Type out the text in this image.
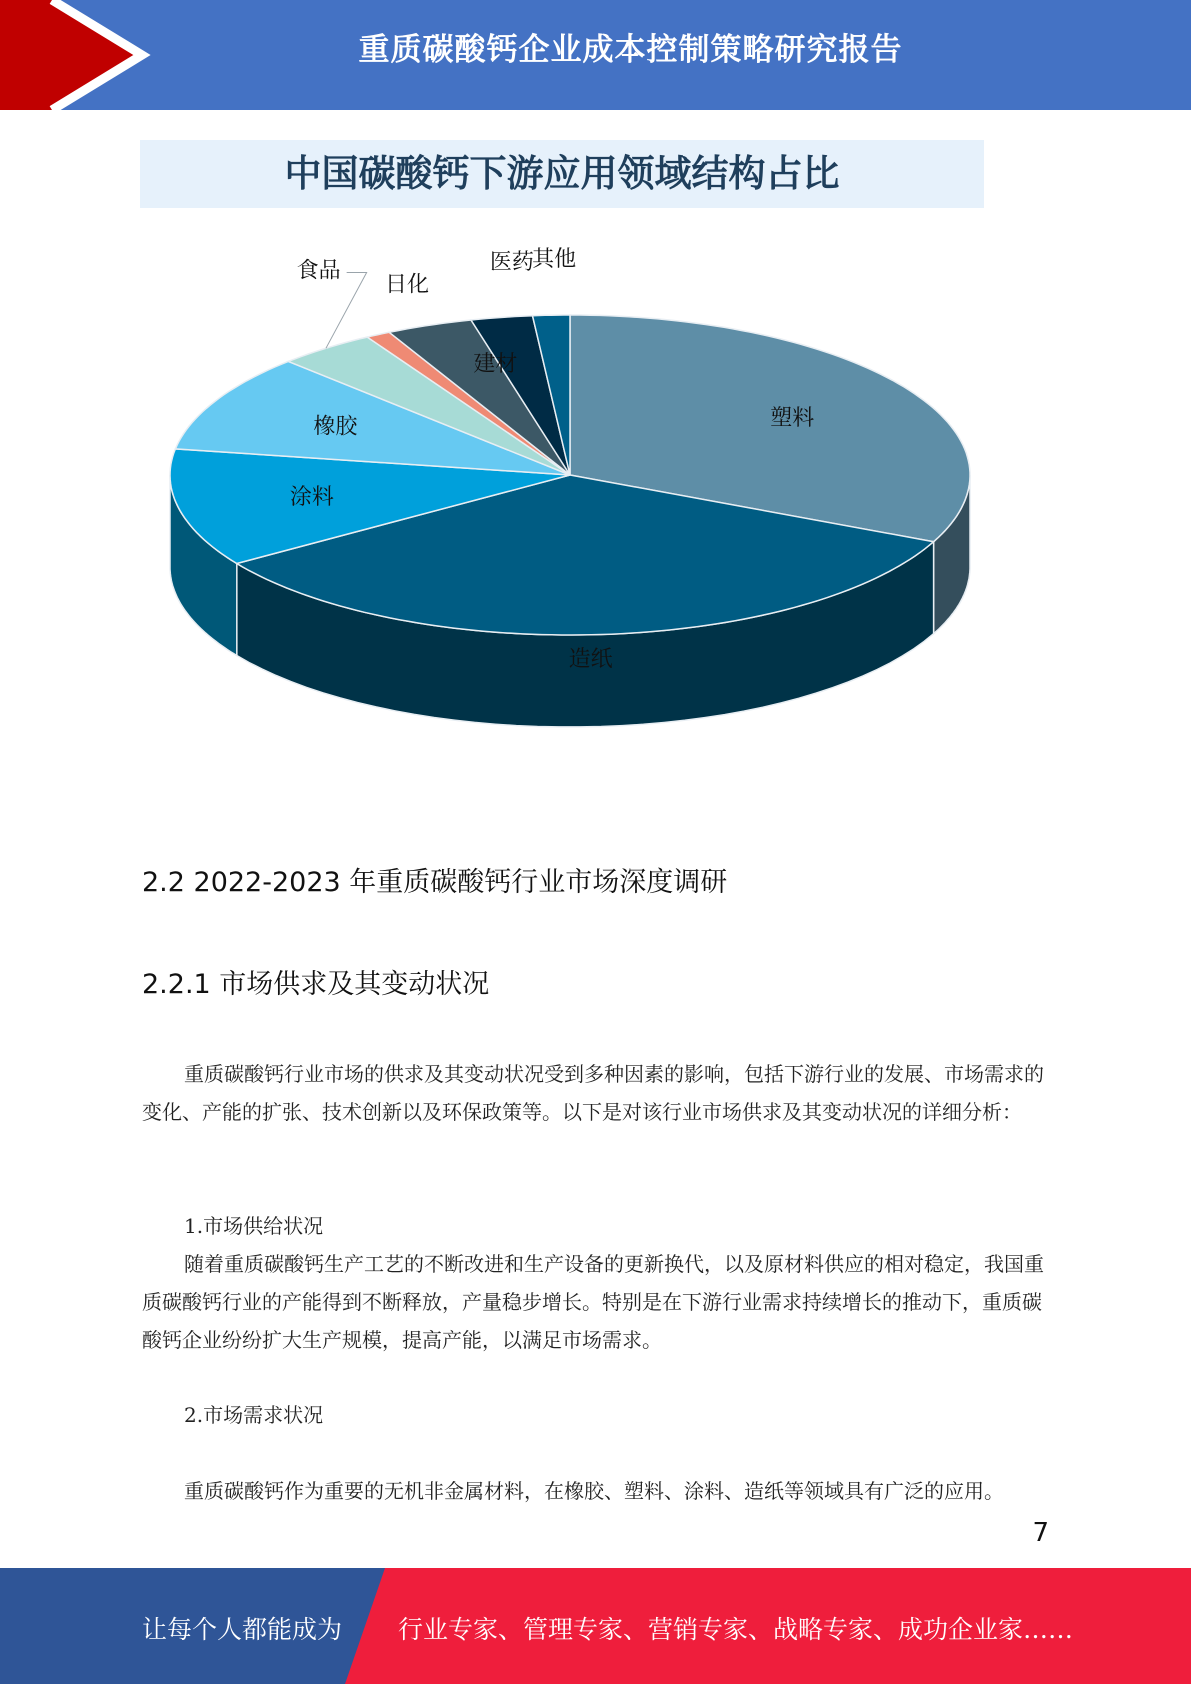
重质碳酸钙企业成本控制策略研究报告
中国碳酸钙下游应用领域结构占比
塑料
造纸
涂料
橡胶
食品
日化
建材
医药
其他
2.2 2022-2023 年重质碳酸钙行业市场深度调研
2.2.1 市场供求及其变动状况

重质碳酸钙行业市场的供求及其变动状况受到多种因素的影响，包括下游行业的发展、市场需求的变化、产能的扩张、技术创新以及环保政策等。以下是对该行业市场供求及其变动状况的详细分析：

1.市场供给状况

随着重质碳酸钙生产工艺的不断改进和生产设备的更新换代，以及原材料供应的相对稳定，我国重质碳酸钙行业的产能得到不断释放，产量稳步增长。特别是在下游行业需求持续增长的推动下，重质碳酸钙企业纷纷扩大生产规模，提高产能，以满足市场需求。

2.市场需求状况

重质碳酸钙作为重要的无机非金属材料，在橡胶、塑料、涂料、造纸等领域具有广泛的应用。

7
让每个人都能成为 行业专家、管理专家、营销专家、战略专家、成功企业家……
